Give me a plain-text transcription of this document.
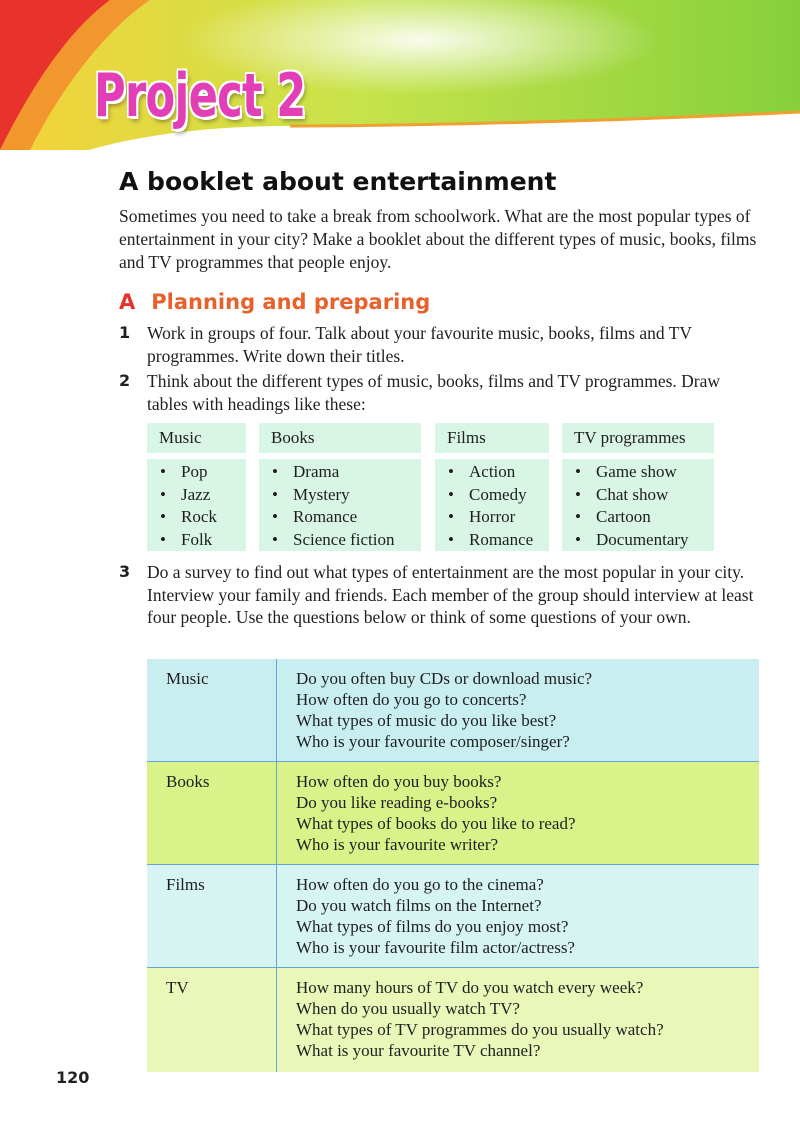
Project 2
A booklet about entertainment

Sometimes you need to take a break from schoolwork. What are the most popular types of entertainment in your city? Make a booklet about the different types of music, books, films and TV programmes that people enjoy.

A Planning and preparing
1 Work in groups of four. Talk about your favourite music, books, films and TV programmes. Write down their titles.

2 Think about the different types of music, books, films and TV programmes. Draw tables with headings like these:

Music
• Pop
• Jazz
• Rock
• Folk
Books
• Drama
• Mystery
• Romance
• Science fiction
Films
• Action
• Comedy
• Horror
• Romance
TV programmes
• Game show
• Chat show
• Cartoon
• Documentary
3 Do a survey to find out what types of entertainment are the most popular in your city. Interview your family and friends. Each member of the group should interview at least four people. Use the questions below or think of some questions of your own.

Music	Do you often buy CDs or download music?
How often do you go to concerts?
What types of music do you like best?
Who is your favourite composer/singer?
Books	How often do you buy books?
Do you like reading e-books?
What types of books do you like to read?
Who is your favourite writer?
Films	How often do you go to the cinema?
Do you watch films on the Internet?
What types of films do you enjoy most?
Who is your favourite film actor/actress?
TV	How many hours of TV do you watch every week?
When do you usually watch TV?
What types of TV programmes do you usually watch?
What is your favourite TV channel?
120
